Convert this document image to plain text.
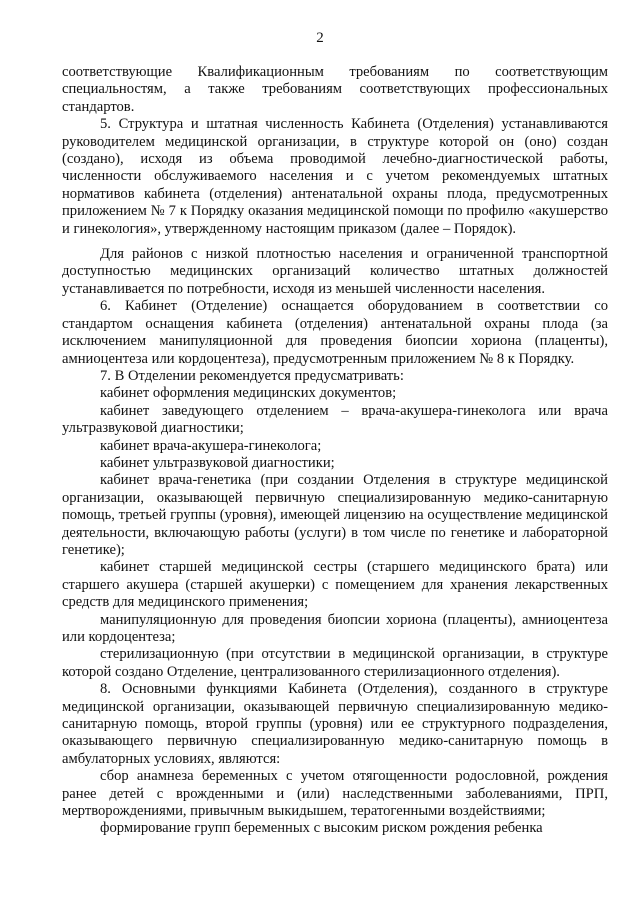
2

соответствующие Квалификационным требованиям по соответствующим специальностям, а также требованиям соответствующих профессиональных стандартов.

5. Структура и штатная численность Кабинета (Отделения) устанавливаются руководителем медицинской организации, в структуре которой он (оно) создан (создано), исходя из объема проводимой лечебно-диагностической работы, численности обслуживаемого населения и с учетом рекомендуемых штатных нормативов кабинета (отделения) антенатальной охраны плода, предусмотренных приложением № 7 к Порядку оказания медицинской помощи по профилю «акушерство и гинекология», утвержденному настоящим приказом (далее – Порядок).

Для районов с низкой плотностью населения и ограниченной транспортной доступностью медицинских организаций количество штатных должностей устанавливается по потребности, исходя из меньшей численности населения.

6. Кабинет (Отделение) оснащается оборудованием в соответствии со стандартом оснащения кабинета (отделения) антенатальной охраны плода (за исключением манипуляционной для проведения биопсии хориона (плаценты), амниоцентеза или кордоцентеза), предусмотренным приложением № 8 к Порядку.

7. В Отделении рекомендуется предусматривать:

кабинет оформления медицинских документов;

кабинет заведующего отделением – врача-акушера-гинеколога или врача ультразвуковой диагностики;

кабинет врача-акушера-гинеколога;

кабинет ультразвуковой диагностики;

кабинет врача-генетика (при создании Отделения в структуре медицинской организации, оказывающей первичную специализированную медико-санитарную помощь, третьей группы (уровня), имеющей лицензию на осуществление медицинской деятельности, включающую работы (услуги) в том числе по генетике и лабораторной генетике);

кабинет старшей медицинской сестры (старшего медицинского брата) или старшего акушера (старшей акушерки) с помещением для хранения лекарственных средств для медицинского применения;

манипуляционную для проведения биопсии хориона (плаценты), амниоцентеза или кордоцентеза;

стерилизационную (при отсутствии в медицинской организации, в структуре которой создано Отделение, централизованного стерилизационного отделения).

8. Основными функциями Кабинета (Отделения), созданного в структуре медицинской организации, оказывающей первичную специализированную медико-санитарную помощь, второй группы (уровня) или ее структурного подразделения, оказывающего первичную специализированную медико-санитарную помощь в амбулаторных условиях, являются:

сбор анамнеза беременных с учетом отягощенности родословной, рождения ранее детей с врожденными и (или) наследственными заболеваниями, ПРП, мертворождениями, привычным выкидышем, тератогенными воздействиями;

формирование групп беременных с высоким риском рождения ребенка
